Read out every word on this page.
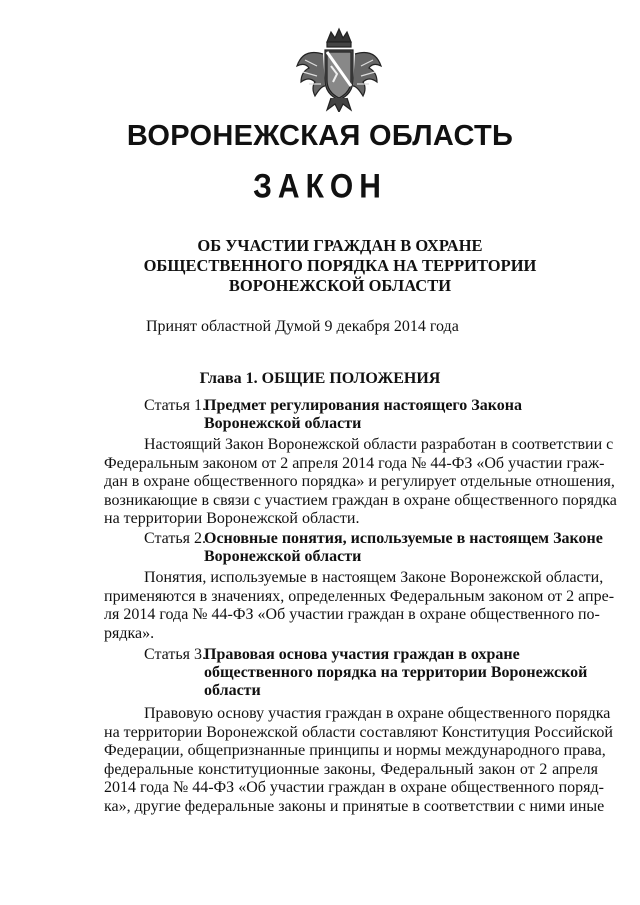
ВОРОНЕЖСКАЯ ОБЛАСТЬ
ЗАКОН
ОБ УЧАСТИИ ГРАЖДАН В ОХРАНЕ
ОБЩЕСТВЕННОГО ПОРЯДКА НА ТЕРРИТОРИИ
ВОРОНЕЖСКОЙ ОБЛАСТИ
Принят областной Думой 9 декабря 2014 года
Глава 1. ОБЩИЕ ПОЛОЖЕНИЯ
Статья 1.
Предмет регулирования настоящего Закона
Воронежской области

Настоящий Закон Воронежской области разработан в соответствии с
Федеральным законом от 2 апреля 2014 года № 44-ФЗ «Об участии граж-
дан в охране общественного порядка» и регулирует отдельные отношения,
возникающие в связи с участием граждан в охране общественного порядка
на территории Воронежской области.

Статья 2.
Основные понятия, используемые в настоящем Законе
Воронежской области

Понятия, используемые в настоящем Законе Воронежской области,
применяются в значениях, определенных Федеральным законом от 2 апре-
ля 2014 года № 44-ФЗ «Об участии граждан в охране общественного по-
рядка».

Статья 3.
Правовая основа участия граждан в охране
общественного порядка на территории Воронежской
области

Правовую основу участия граждан в охране общественного порядка
на территории Воронежской области составляют Конституция Российской
Федерации, общепризнанные принципы и нормы международного права,
федеральные конституционные законы, Федеральный закон от 2 апреля
2014 года № 44-ФЗ «Об участии граждан в охране общественного поряд-
ка», другие федеральные законы и принятые в соответствии с ними иные
